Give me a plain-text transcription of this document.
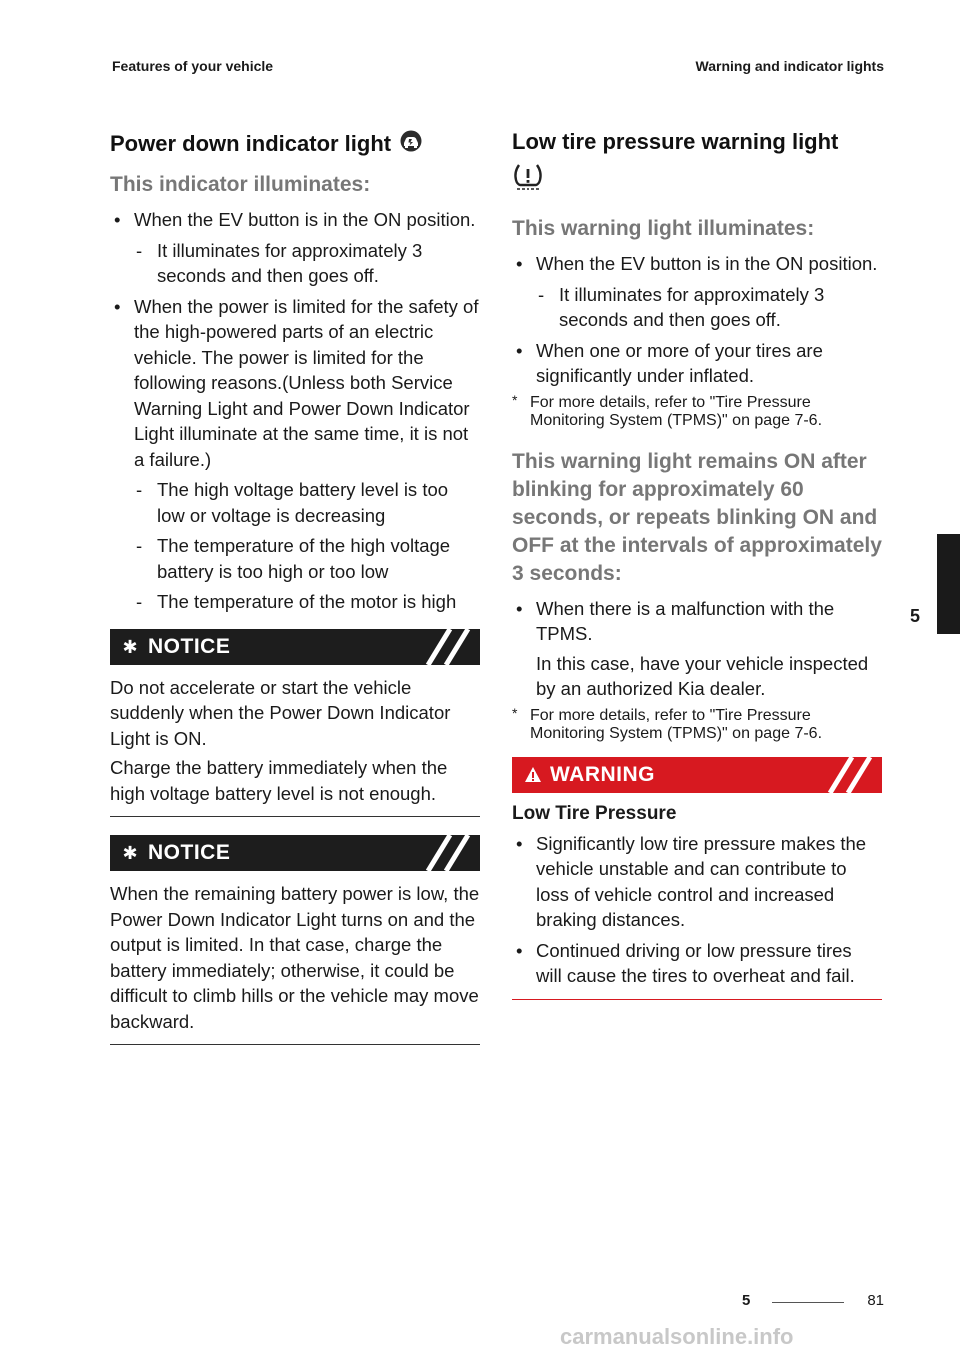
Features of your vehicle	Warning and indicator lights
Power down indicator light
This indicator illuminates:
• When the EV button is in the ON position.
- It illuminates for approximately 3 seconds and then goes off.
• When the power is limited for the safety of the high-powered parts of an electric vehicle. The power is limited for the following reasons.(Unless both Service Warning Light and Power Down Indicator Light illuminate at the same time, it is not a failure.)
- The high voltage battery level is too low or voltage is decreasing
- The temperature of the high voltage battery is too high or too low
- The temperature of the motor is high
✱ NOTICE

Do not accelerate or start the vehicle suddenly when the Power Down Indicator Light is ON.

Charge the battery immediately when the high voltage battery level is not enough.

✱ NOTICE

When the remaining battery power is low, the Power Down Indicator Light turns on and the output is limited. In that case, charge the battery immediately; otherwise, it could be difficult to climb hills or the vehicle may move backward.

Low tire pressure warning light
This warning light illuminates:
• When the EV button is in the ON position.
- It illuminates for approximately 3 seconds and then goes off.
• When one or more of your tires are significantly under inflated.
* For more details, refer to "Tire Pressure Monitoring System (TPMS)" on page 7-6.
This warning light remains ON after blinking for approximately 60 seconds, or repeats blinking ON and OFF at the intervals of approximately 3 seconds:
• When there is a malfunction with the TPMS.

In this case, have your vehicle inspected by an authorized Kia dealer.

* For more details, refer to "Tire Pressure Monitoring System (TPMS)" on page 7-6.
WARNING
Low Tire Pressure
• Significantly low tire pressure makes the vehicle unstable and can contribute to loss of vehicle control and increased braking distances.
• Continued driving or low pressure tires will cause the tires to overheat and fail.
5
5	81
carmanualsonline.info
